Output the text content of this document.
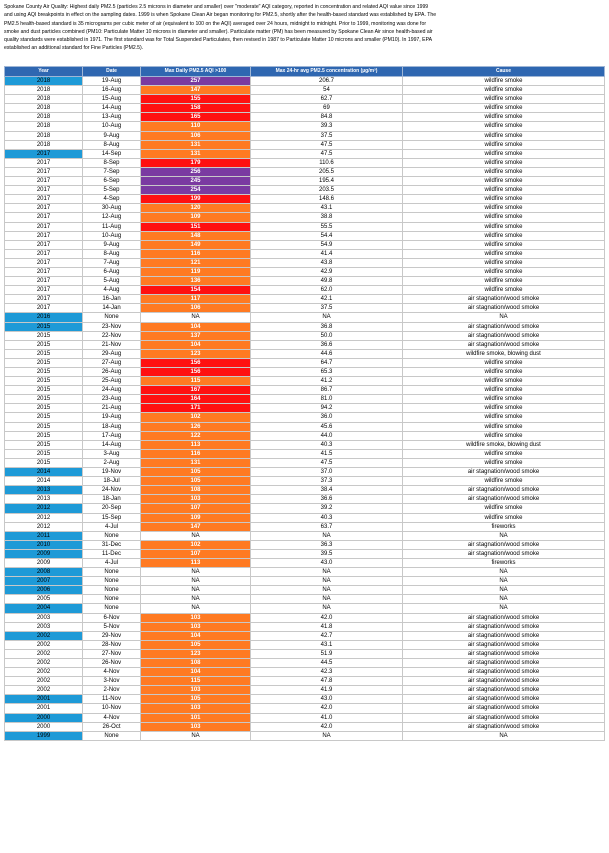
Spokane County Air Quality: Highest daily PM2.5 (particles 2.5 microns in diameter and smaller) over "moderate" AQI category, reported in concentration and related AQI value since 1999
and using AQI breakpoints in effect on the sampling dates. 1999 is when Spokane Clean Air began monitoring for PM2.5, shortly after the health-based standard was established by EPA. The
PM2.5 health-based standard is 35 micrograms per cubic meter of air (equivalent to 100 on the AQI) averaged over 24 hours, midnight to midnight. Prior to 1999, monitoring was done for
smoke and dust particles combined (PM10: Particulate Matter 10 microns in diameter and smaller). Particulate matter (PM) has been measured by Spokane Clean Air since health-based air
quality standards were established in 1971. The first standard was for Total Suspended Particulates, then revised in 1987 to Particulate Matter 10 microns and smaller (PM10). In 1997, EPA
established an additional standard for Fine Particles (PM2.5).
Year	Date	Max Daily PM2.5 AQI >100	Max 24-hr avg PM2.5 concentration (µg/m³)	Cause
2018	19-Aug	257	206.7	wildfire smoke
2018	16-Aug	147	54	wildfire smoke
2018	15-Aug	155	62.7	wildfire smoke
2018	14-Aug	158	69	wildfire smoke
2018	13-Aug	165	84.8	wildfire smoke
2018	10-Aug	110	39.3	wildfire smoke
2018	9-Aug	106	37.5	wildfire smoke
2018	8-Aug	131	47.5	wildfire smoke
2017	14-Sep	131	47.5	wildfire smoke
2017	8-Sep	179	110.6	wildfire smoke
2017	7-Sep	256	205.5	wildfire smoke
2017	6-Sep	245	195.4	wildfire smoke
2017	5-Sep	254	203.5	wildfire smoke
2017	4-Sep	199	148.6	wildfire smoke
2017	30-Aug	120	43.1	wildfire smoke
2017	12-Aug	109	38.8	wildfire smoke
2017	11-Aug	151	55.5	wildfire smoke
2017	10-Aug	148	54.4	wildfire smoke
2017	9-Aug	149	54.9	wildfire smoke
2017	8-Aug	116	41.4	wildfire smoke
2017	7-Aug	121	43.8	wildfire smoke
2017	6-Aug	119	42.9	wildfire smoke
2017	5-Aug	136	49.8	wildfire smoke
2017	4-Aug	154	62.0	wildfire smoke
2017	16-Jan	117	42.1	air stagnation/wood smoke
2017	14-Jan	106	37.5	air stagnation/wood smoke
2016	None	NA	NA	NA
2015	23-Nov	104	36.8	air stagnation/wood smoke
2015	22-Nov	137	50.0	air stagnation/wood smoke
2015	21-Nov	104	36.6	air stagnation/wood smoke
2015	29-Aug	123	44.6	wildfire smoke, blowing dust
2015	27-Aug	156	64.7	wildfire smoke
2015	26-Aug	156	65.3	wildfire smoke
2015	25-Aug	115	41.2	wildfire smoke
2015	24-Aug	167	86.7	wildfire smoke
2015	23-Aug	164	81.0	wildfire smoke
2015	21-Aug	171	94.2	wildfire smoke
2015	19-Aug	102	36.0	wildfire smoke
2015	18-Aug	126	45.6	wildfire smoke
2015	17-Aug	122	44.0	wildfire smoke
2015	14-Aug	113	40.3	wildfire smoke, blowing dust
2015	3-Aug	116	41.5	wildfire smoke
2015	2-Aug	131	47.5	wildfire smoke
2014	19-Nov	105	37.0	air stagnation/wood smoke
2014	18-Jul	105	37.3	wildfire smoke
2013	24-Nov	108	38.4	air stagnation/wood smoke
2013	18-Jan	103	36.6	air stagnation/wood smoke
2012	20-Sep	107	39.2	wildfire smoke
2012	15-Sep	109	40.3	wildfire smoke
2012	4-Jul	147	63.7	fireworks
2011	None	NA	NA	NA
2010	31-Dec	102	36.3	air stagnation/wood smoke
2009	11-Dec	107	39.5	air stagnation/wood smoke
2009	4-Jul	113	43.0	fireworks
2008	None	NA	NA	NA
2007	None	NA	NA	NA
2006	None	NA	NA	NA
2005	None	NA	NA	NA
2004	None	NA	NA	NA
2003	6-Nov	103	42.0	air stagnation/wood smoke
2003	5-Nov	103	41.8	air stagnation/wood smoke
2002	29-Nov	104	42.7	air stagnation/wood smoke
2002	28-Nov	105	43.1	air stagnation/wood smoke
2002	27-Nov	123	51.9	air stagnation/wood smoke
2002	26-Nov	108	44.5	air stagnation/wood smoke
2002	4-Nov	104	42.3	air stagnation/wood smoke
2002	3-Nov	115	47.8	air stagnation/wood smoke
2002	2-Nov	103	41.9	air stagnation/wood smoke
2001	11-Nov	105	43.0	air stagnation/wood smoke
2001	10-Nov	103	42.0	air stagnation/wood smoke
2000	4-Nov	101	41.0	air stagnation/wood smoke
2000	26-Oct	103	42.0	air stagnation/wood smoke
1999	None	NA	NA	NA
